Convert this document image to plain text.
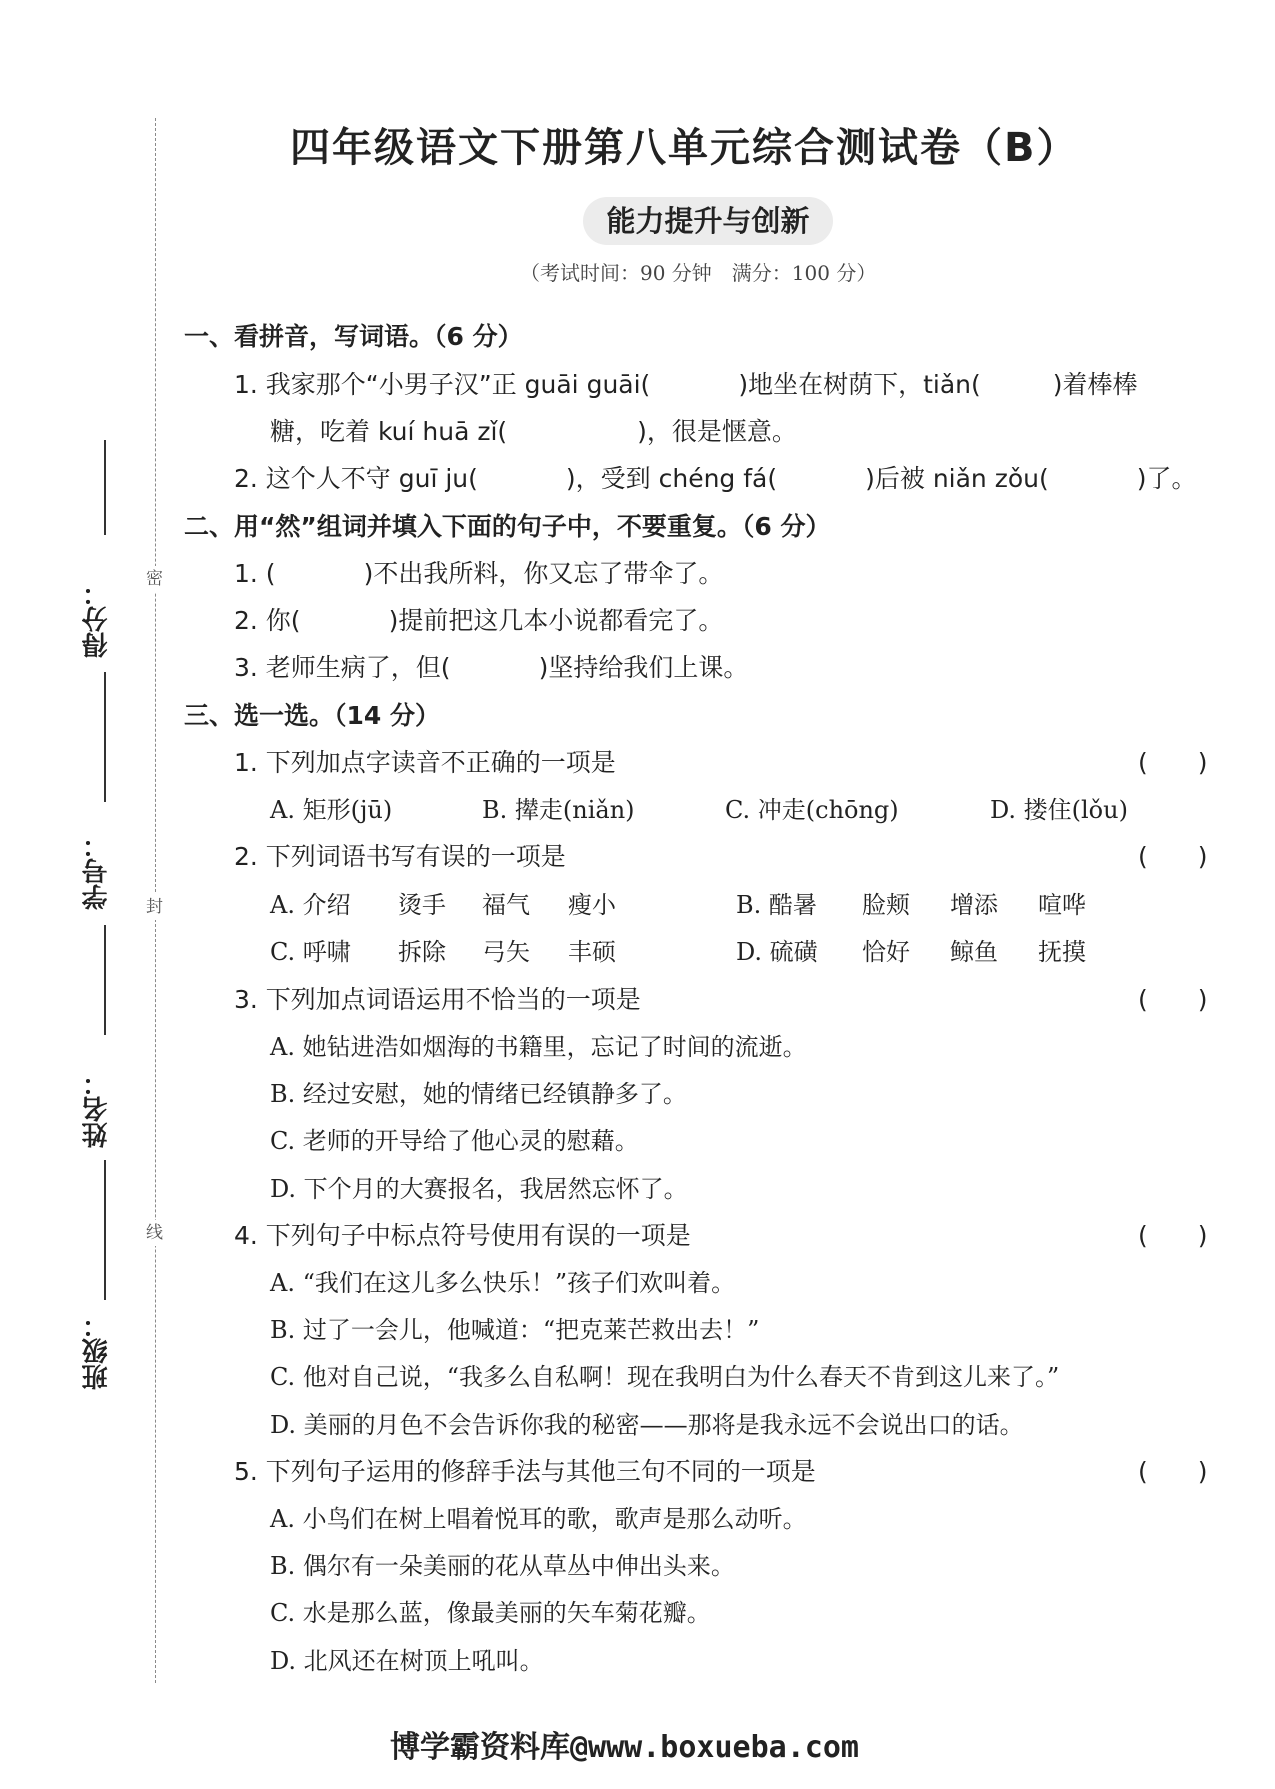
得分：
学号：
姓名：
班级：
密
封
线
四年级语文下册第八单元综合测试卷（B）
能力提升与创新
（考试时间：90 分钟　满分：100 分）
一、看拼音，写词语。（6 分）
1. 我家那个“小男子汉”正 guāi guāi(	)地坐在树荫下，tiǎn(	)着棒棒
糖，吃着 kuí huā zǐ(	)，很是惬意。
2. 这个人不守 guī ju(	)，受到 chéng fá(	)后被 niǎn zǒu(	)了。
二、用“然”组词并填入下面的句子中，不要重复。（6 分）
1. (	)不出我所料，你又忘了带伞了。
2. 你(	)提前把这几本小说都看完了。
3. 老师生病了，但(	)坚持给我们上课。
三、选一选。（14 分）
1. 下列加点字读音不正确的一项是	(　　)
A. 矩形(jū)	B. 撵走(niǎn)	C. 冲走(chōng)	D. 搂住(lǒu)
2. 下列词语书写有误的一项是	(　　)
A. 介绍 烫手 福气 瘦小	B. 酷暑 脸颊 增添 喧哗
C. 呼啸 拆除 弓矢 丰硕	D. 硫磺 恰好 鲸鱼 抚摸
3. 下列加点词语运用不恰当的一项是	(　　)
A. 她钻进浩如烟海的书籍里，忘记了时间的流逝。
B. 经过安慰，她的情绪已经镇静多了。
C. 老师的开导给了他心灵的慰藉。
D. 下个月的大赛报名，我居然忘怀了。
4. 下列句子中标点符号使用有误的一项是	(　　)
A. “我们在这儿多么快乐！”孩子们欢叫着。
B. 过了一会儿，他喊道：“把克莱芒救出去！”
C. 他对自己说，“我多么自私啊！现在我明白为什么春天不肯到这儿来了。”
D. 美丽的月色不会告诉你我的秘密——那将是我永远不会说出口的话。
5. 下列句子运用的修辞手法与其他三句不同的一项是	(　　)
A. 小鸟们在树上唱着悦耳的歌，歌声是那么动听。
B. 偶尔有一朵美丽的花从草丛中伸出头来。
C. 水是那么蓝，像最美丽的矢车菊花瓣。
D. 北风还在树顶上吼叫。
博学霸资料库@www.boxueba.com
